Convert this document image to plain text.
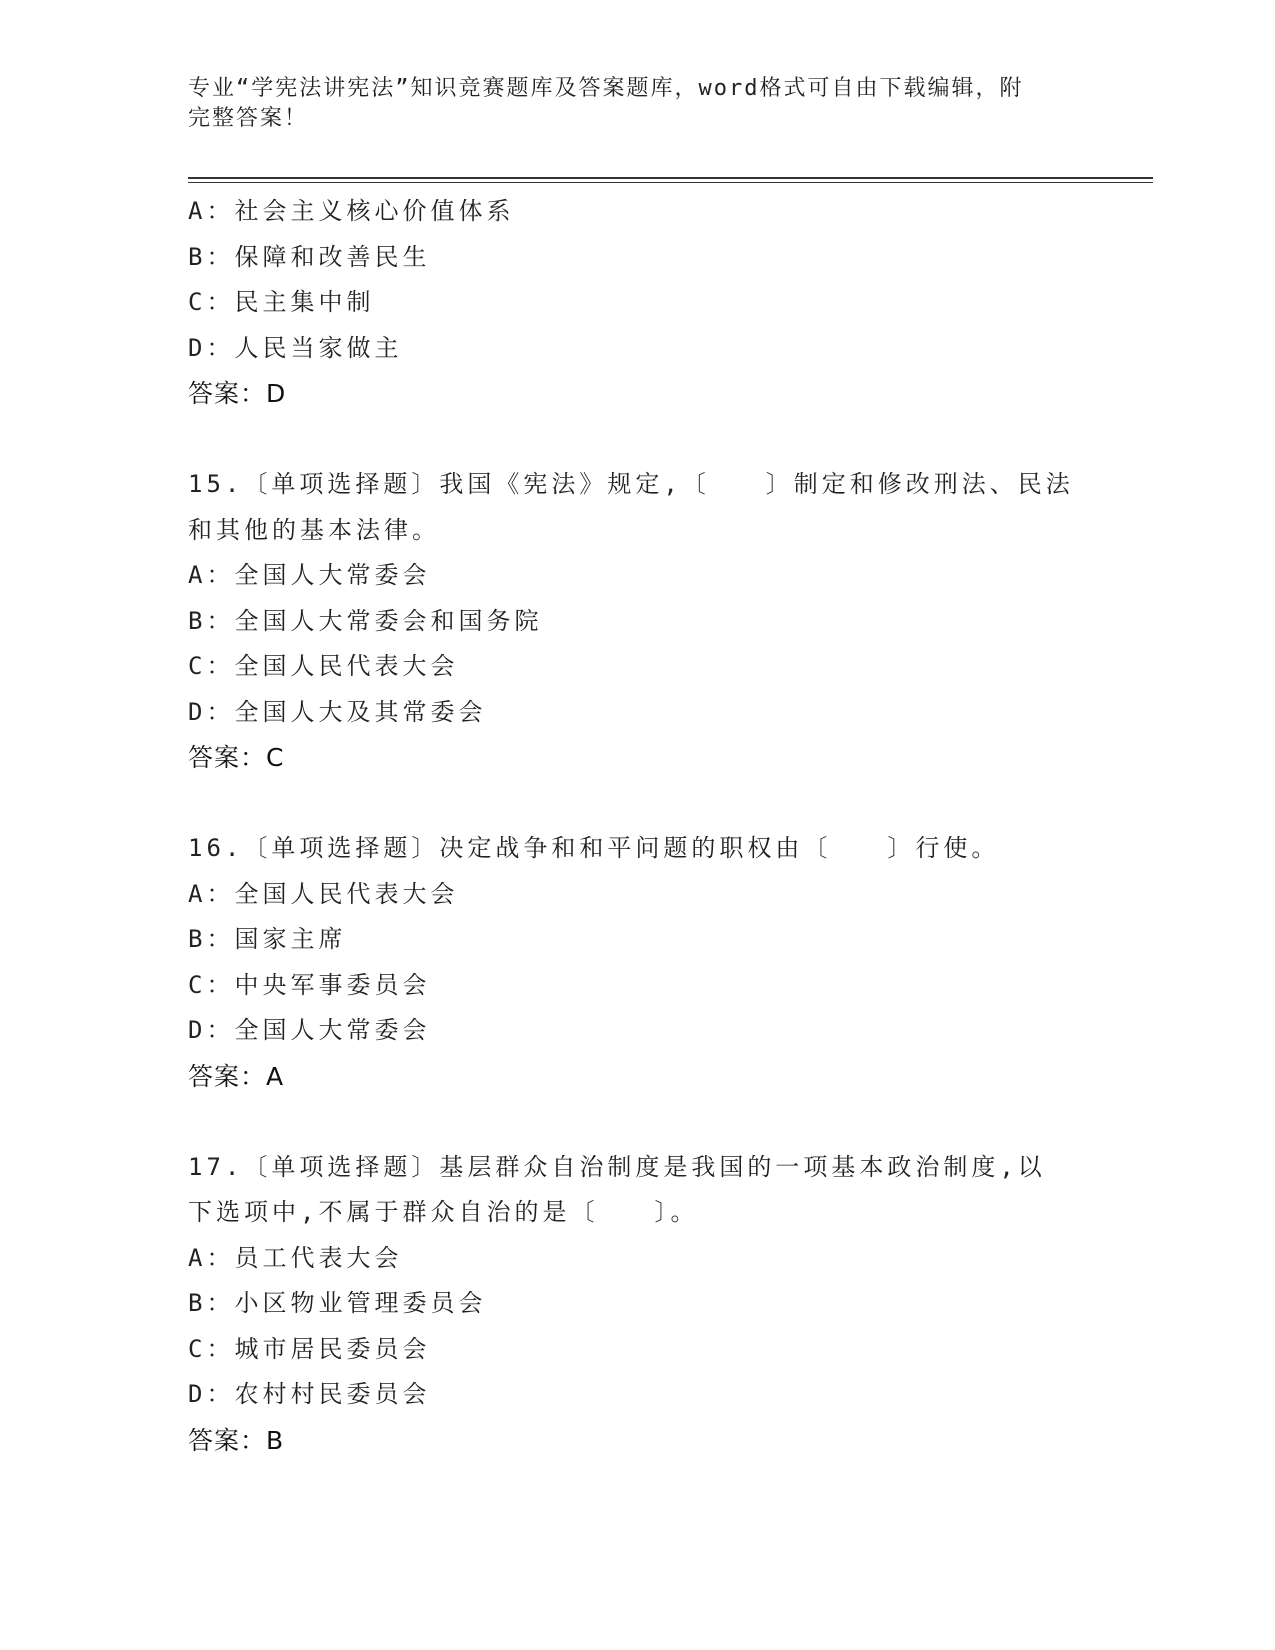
专业“学宪法讲宪法”知识竞赛题库及答案题库，word格式可自由下载编辑，附
完整答案！
A：社会主义核心价值体系
B：保障和改善民生
C：民主集中制
D：人民当家做主
答案：D
15.〔单项选择题〕我国《宪法》规定,〔　　〕制定和修改刑法、民法
和其他的基本法律。
A：全国人大常委会
B：全国人大常委会和国务院
C：全国人民代表大会
D：全国人大及其常委会
答案：C
16.〔单项选择题〕决定战争和和平问题的职权由〔　　〕行使。
A：全国人民代表大会
B：国家主席
C：中央军事委员会
D：全国人大常委会
答案：A
17.〔单项选择题〕基层群众自治制度是我国的一项基本政治制度,以
下选项中,不属于群众自治的是〔　　〕。
A：员工代表大会
B：小区物业管理委员会
C：城市居民委员会
D：农村村民委员会
答案：B
